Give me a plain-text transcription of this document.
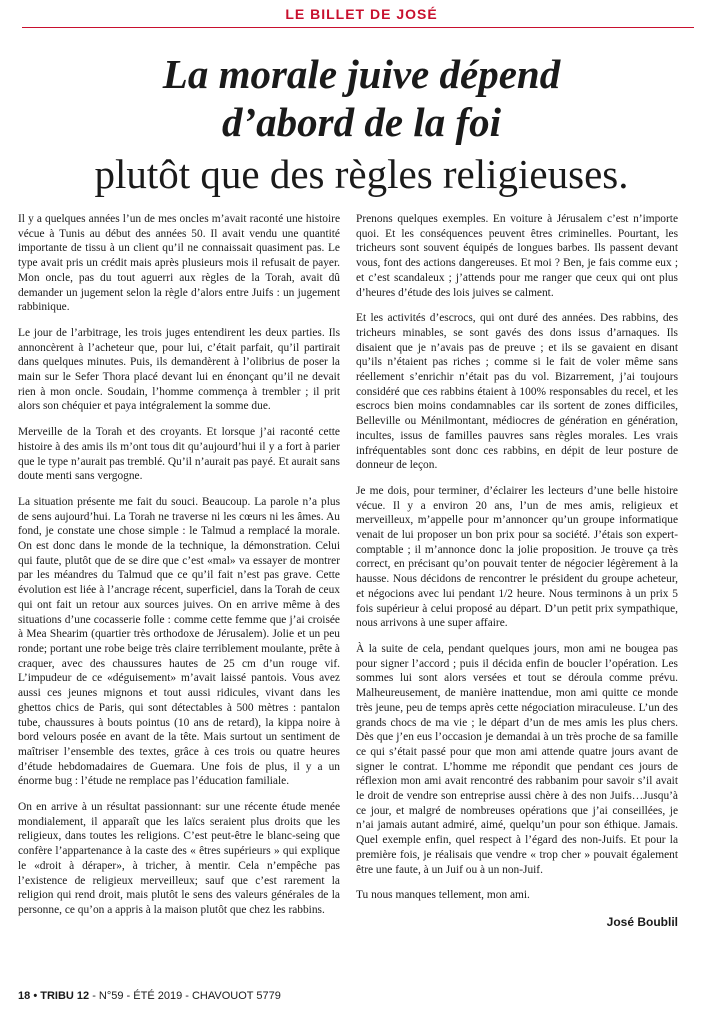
LE BILLET DE JOSÉ
La morale juive dépend
d’abord de la foi
plutôt que des règles religieuses.

Il y a quelques années l’un de mes oncles m’avait raconté une histoire vécue à Tunis au début des années 50. Il avait vendu une quantité importante de tissu à un client qu’il ne connaissait quasiment pas. Le type avait pris un crédit mais après plusieurs mois il refusait de payer. Mon oncle, pas du tout aguerri aux règles de la Torah, avait dû demander un jugement selon la règle d’alors entre Juifs : un jugement rabbinique.

Le jour de l’arbitrage, les trois juges entendirent les deux parties. Ils annoncèrent à l’acheteur que, pour lui, c’était parfait, qu’il partirait dans quelques minutes. Puis, ils demandèrent à l’olibrius de poser la main sur le Sefer Thora placé devant lui en énonçant qu’il ne devait rien à mon oncle. Soudain, l’homme commença à trembler ; il prit alors son chéquier et paya intégralement la somme due.

Merveille de la Torah et des croyants. Et lorsque j’ai raconté cette histoire à des amis ils m’ont tous dit qu’aujourd’hui il y a fort à parier que le type n’aurait pas tremblé. Qu’il n’aurait pas payé. Et aurait sans doute menti sans vergogne.

La situation présente me fait du souci. Beaucoup. La parole n’a plus de sens aujourd’hui. La Torah ne traverse ni les cœurs ni les âmes. Au fond, je constate une chose simple : le Talmud a remplacé la morale. On est donc dans le monde de la technique, la démonstration. Celui qui faute, plutôt que de se dire que c’est «mal» va essayer de montrer par les méandres du Talmud que ce qu’il fait n’est pas grave. Cette évolution est liée à l’ancrage récent, superficiel, dans la Torah de ceux qui ont fait un retour aux sources juives. On en arrive même à des situations d’une cocasserie folle : comme cette femme que j’ai croisée à Mea Shearim (quartier très orthodoxe de Jérusalem). Jolie et un peu ronde; portant une robe beige très claire terriblement moulante, prête à craquer, avec des chaussures hautes de 25 cm d’un rouge vif. L’impudeur de ce «déguisement» m’avait laissé pantois. Vous avez aussi ces jeunes mignons et tout aussi ridicules, vivant dans les ghettos chics de Paris, qui sont détectables à 500 mètres : pantalon tube, chaussures à bouts pointus (10 ans de retard), la kippa noire à bord velours posée en avant de la tête. Mais surtout un sentiment de maîtriser l’ensemble des textes, grâce à ces trois ou quatre heures d’étude hebdomadaires de Guemara. Une fois de plus, il y a un énorme bug : l’étude ne remplace pas l’éducation familiale.

On en arrive à un résultat passionnant: sur une récente étude menée mondialement, il apparaît que les laïcs seraient plus droits que les religieux, dans toutes les religions. C’est peut-être le blanc-seing que confère l’appartenance à la caste des « êtres supérieurs » qui explique le «droit à déraper», à tricher, à mentir. Cela n’empêche pas l’existence de religieux merveilleux; sauf que c’est rarement la religion qui rend droit, mais plutôt le sens des valeurs générales de la personne, ce qu’on a appris à la maison plutôt que chez les rabbins.

Prenons quelques exemples. En voiture à Jérusalem c’est n’importe quoi. Et les conséquences peuvent êtres criminelles. Pourtant, les tricheurs sont souvent équipés de longues barbes. Ils passent devant vous, font des actions dangereuses. Et moi ? Ben, je fais comme eux ; et c’est scandaleux ; j’attends pour me ranger que ceux qui ont plus d’heures d’étude des lois juives se calment.

Et les activités d’escrocs, qui ont duré des années. Des rabbins, des tricheurs minables, se sont gavés des dons issus d’arnaques. Ils disaient que je n’avais pas de preuve ; et ils se gavaient en disant qu’ils n’étaient pas riches ; comme si le fait de voler même sans réellement s’enrichir n’était pas du vol. Bizarrement, j’ai toujours considéré que ces rabbins étaient à 100% responsables du recel, et les escrocs bien moins condamnables car ils sortent de zones difficiles, Belleville ou Ménilmontant, médiocres de génération en génération, incultes, issus de familles pauvres sans règles morales. Les vrais infréquentables sont donc ces rabbins, en dépit de leur posture de donneur de leçon.

Je me dois, pour terminer, d’éclairer les lecteurs d’une belle histoire vécue. Il y a environ 20 ans, l’un de mes amis, religieux et merveilleux, m’appelle pour m’annoncer qu’un groupe informatique venait de lui proposer un bon prix pour sa société. J’étais son expert-comptable ; il m’annonce donc la jolie proposition. Je trouve ça très correct, en précisant qu’on pouvait tenter de négocier légèrement à la hausse. Nous décidons de rencontrer le président du groupe acheteur, et négocions avec lui pendant 1/2 heure. Nous terminons à un prix 5 fois supérieur à celui proposé au départ. D’un petit prix sympathique, nous arrivons à une super affaire.

À la suite de cela, pendant quelques jours, mon ami ne bougea pas pour signer l’accord ; puis il décida enfin de boucler l’opération. Les sommes lui sont alors versées et tout se déroula comme prévu. Malheureusement, de manière inattendue, mon ami quitte ce monde très jeune, peu de temps après cette négociation miraculeuse. L’un des grands chocs de ma vie ; le départ d’un de mes amis les plus chers. Dès que j’en eus l’occasion je demandai à un très proche de sa famille ce qui s’était passé pour que mon ami attende quatre jours avant de signer le contrat. L’homme me répondit que pendant ces jours de réflexion mon ami avait rencontré des rabbanim pour savoir s’il avait le droit de vendre son entreprise aussi chère à des non Juifs…Jusqu’à ce jour, et malgré de nombreuses opérations que j’ai conseillées, je n’ai jamais autant admiré, aimé, quelqu’un pour son éthique. Jamais. Quel exemple enfin, quel respect à l’égard des non-Juifs. Et pour la première fois, je réalisais que vendre « trop cher » pouvait également être une faute, à un Juif ou à un non-Juif.

Tu nous manques tellement, mon ami.

José Boublil
18 • TRIBU 12 - N°59 - ÉTÉ 2019 - CHAVOUOT 5779
